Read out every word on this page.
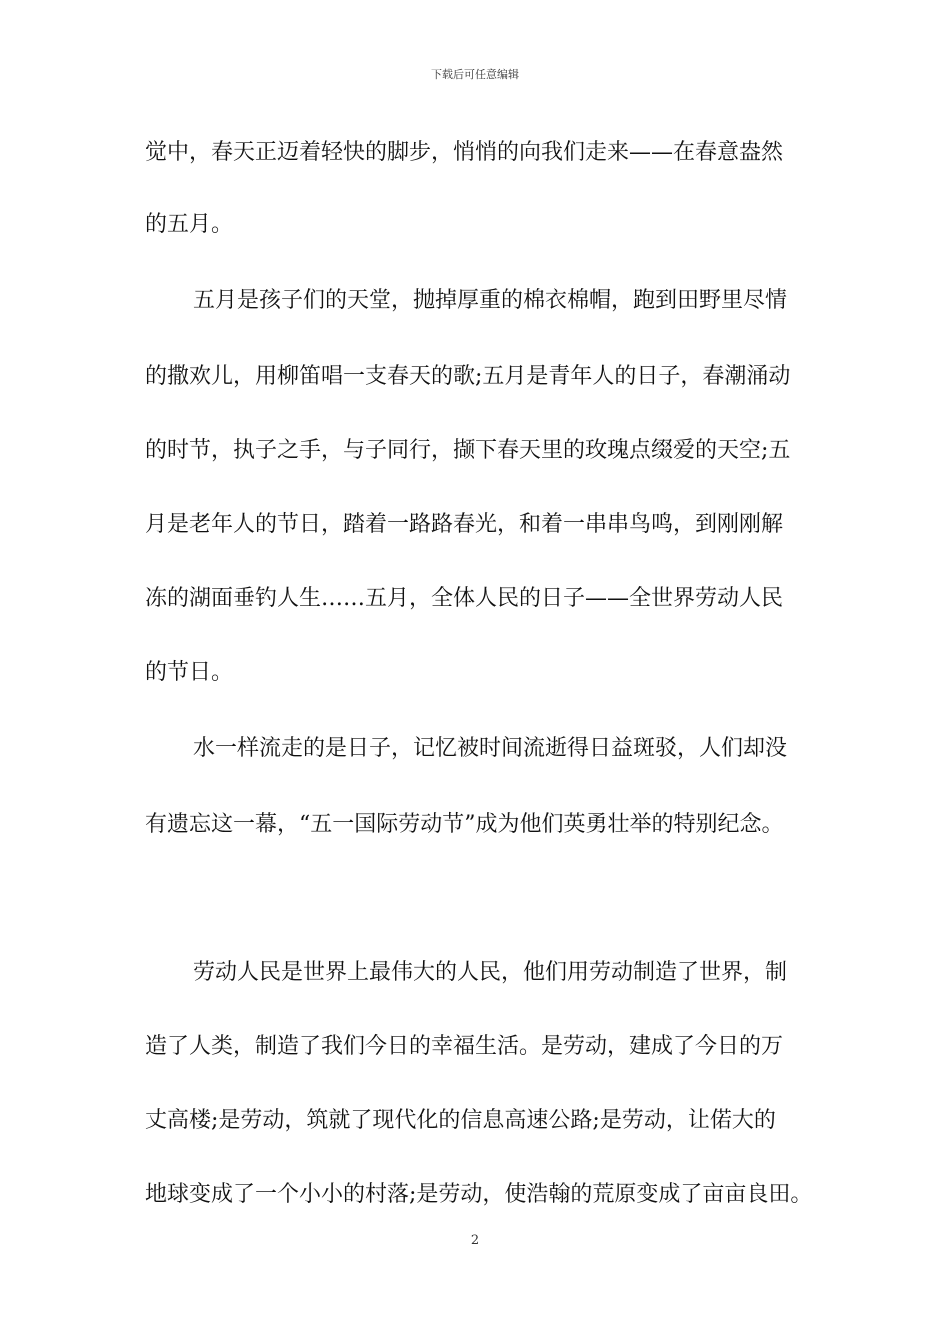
下载后可任意编辑
觉中，春天正迈着轻快的脚步，悄悄的向我们走来——在春意盎然
的五月。
五月是孩子们的天堂，抛掉厚重的棉衣棉帽，跑到田野里尽情
的撒欢儿，用柳笛唱一支春天的歌;五月是青年人的日子，春潮涌动
的时节，执子之手，与子同行，撷下春天里的玫瑰点缀爱的天空;五
月是老年人的节日，踏着一路路春光，和着一串串鸟鸣，到刚刚解
冻的湖面垂钓人生……五月，全体人民的日子——全世界劳动人民
的节日。
水一样流走的是日子，记忆被时间流逝得日益斑驳，人们却没
有遗忘这一幕，“五一国际劳动节”成为他们英勇壮举的特别纪念。
劳动人民是世界上最伟大的人民，他们用劳动制造了世界，制
造了人类，制造了我们今日的幸福生活。是劳动，建成了今日的万
丈高楼;是劳动，筑就了现代化的信息高速公路;是劳动，让偌大的
地球变成了一个小小的村落;是劳动，使浩翰的荒原变成了亩亩良田。
2
